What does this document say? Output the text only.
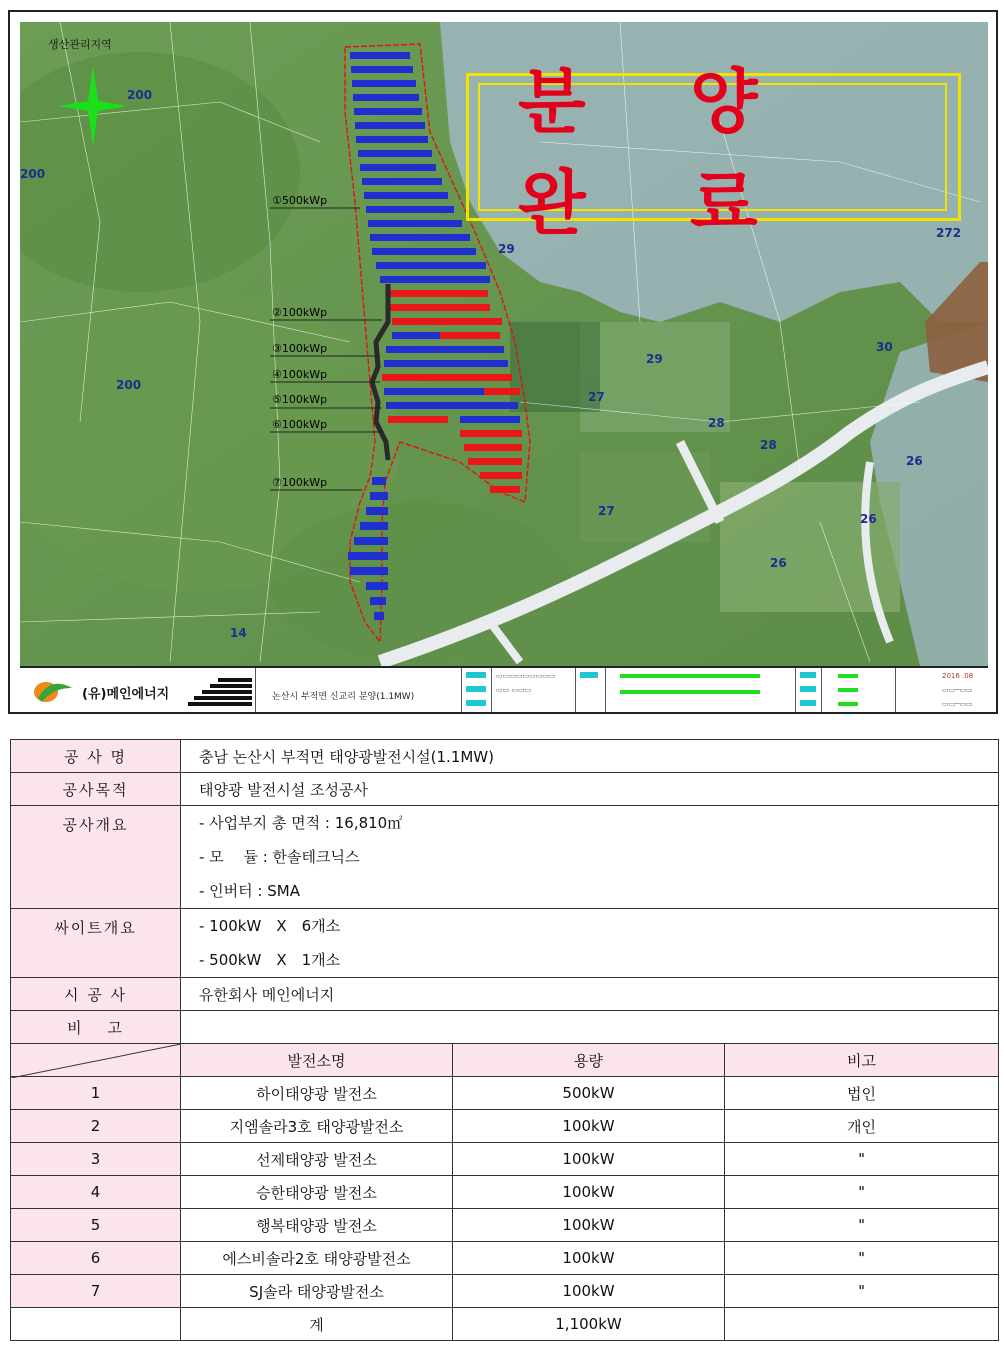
생산관리지역
200
200
29
29
30
28
28
27
27
26
26
26
200
272
14
①500kWp
②100kWp
③100kWp
④100kWp
⑤100kWp
⑥100kWp
⑦100kWp
분 양 완 료
(유)메인에너지	논산시 부적면 신교리 분양(1.1MW)
▭▭▭▭▭▭▭▭▭
▭▭ ▭▭▭
2016 .08
▭▭─▭▭
▭▭─▭▭
공 사 명	충남 논산시 부적면 태양광발전시설(1.1MW)		
공사목적	태양광 발전시설 조성공사		
공사개요	- 사업부지 총 면적 : 16,810㎡
- 모　 듈 : 한솔테크닉스
- 인버터 : SMA		

싸이트개요	- 100kW　X　6개소
- 500kW　X　1개소		

시 공 사	유한회사 메인에너지		
비　 고			

	발전소명	용량	비고
1	하이태양광 발전소	500kW	법인
2	지엠솔라3호 태양광발전소	100kW	개인
3	선제태양광 발전소	100kW	"
4	승한태양광 발전소	100kW	"
5	행복태양광 발전소	100kW	"
6	에스비솔라2호 태양광발전소	100kW	"
7	SJ솔라 태양광발전소	100kW	"
	계	1,100kW	
